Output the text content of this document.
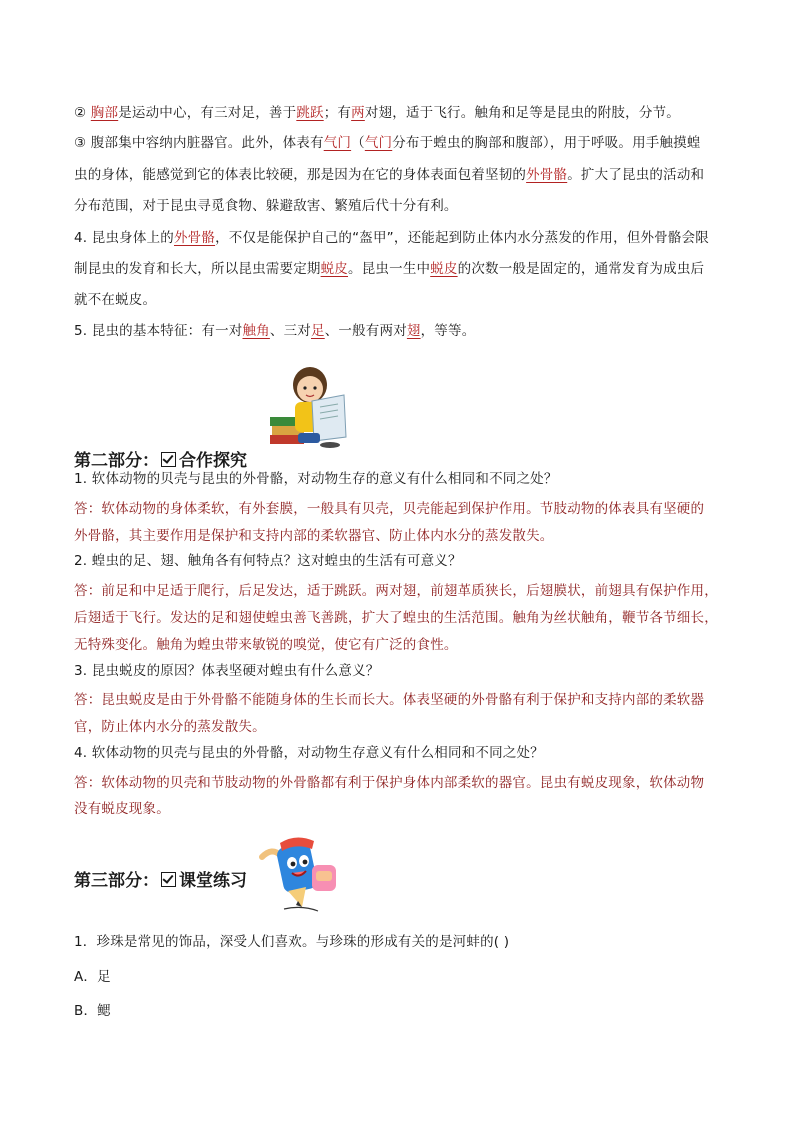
② 胸部是运动中心，有三对足，善于跳跃；有两对翅，适于飞行。触角和足等是昆虫的附肢，分节。
③ 腹部集中容纳内脏器官。此外，体表有气门（气门分布于蝗虫的胸部和腹部），用于呼吸。用手触摸蝗
虫的身体，能感觉到它的体表比较硬，那是因为在它的身体表面包着坚韧的外骨骼。扩大了昆虫的活动和
分布范围，对于昆虫寻觅食物、躲避敌害、繁殖后代十分有利。
4. 昆虫身体上的外骨骼，不仅是能保护自己的“盔甲”，还能起到防止体内水分蒸发的作用，但外骨骼会限
制昆虫的发育和长大，所以昆虫需要定期蜕皮。昆虫一生中蜕皮的次数一般是固定的，通常发育为成虫后
就不在蜕皮。
5. 昆虫的基本特征：有一对触角、三对足、一般有两对翅，等等。
第二部分： 合作探究
1. 软体动物的贝壳与昆虫的外骨骼，对动物生存的意义有什么相同和不同之处？
答：软体动物的身体柔软，有外套膜，一般具有贝壳，贝壳能起到保护作用。节肢动物的体表具有坚硬的
外骨骼，其主要作用是保护和支持内部的柔软器官、防止体内水分的蒸发散失。
2. 蝗虫的足、翅、触角各有何特点？这对蝗虫的生活有可意义？
答：前足和中足适于爬行，后足发达，适于跳跃。两对翅，前翅革质狭长，后翅膜状，前翅具有保护作用，
后翅适于飞行。发达的足和翅使蝗虫善飞善跳，扩大了蝗虫的生活范围。触角为丝状触角，鞭节各节细长，
无特殊变化。触角为蝗虫带来敏锐的嗅觉，使它有广泛的食性。
3. 昆虫蜕皮的原因？体表坚硬对蝗虫有什么意义？
答：昆虫蜕皮是由于外骨骼不能随身体的生长而长大。体表坚硬的外骨骼有利于保护和支持内部的柔软器
官，防止体内水分的蒸发散失。
4. 软体动物的贝壳与昆虫的外骨骼，对动物生存意义有什么相同和不同之处？
答：软体动物的贝壳和节肢动物的外骨骼都有利于保护身体内部柔软的器官。昆虫有蜕皮现象，软体动物
没有蜕皮现象。
第三部分： 课堂练习
1．珍珠是常见的饰品，深受人们喜欢。与珍珠的形成有关的是河蚌的( )
A．足
B．鳃
